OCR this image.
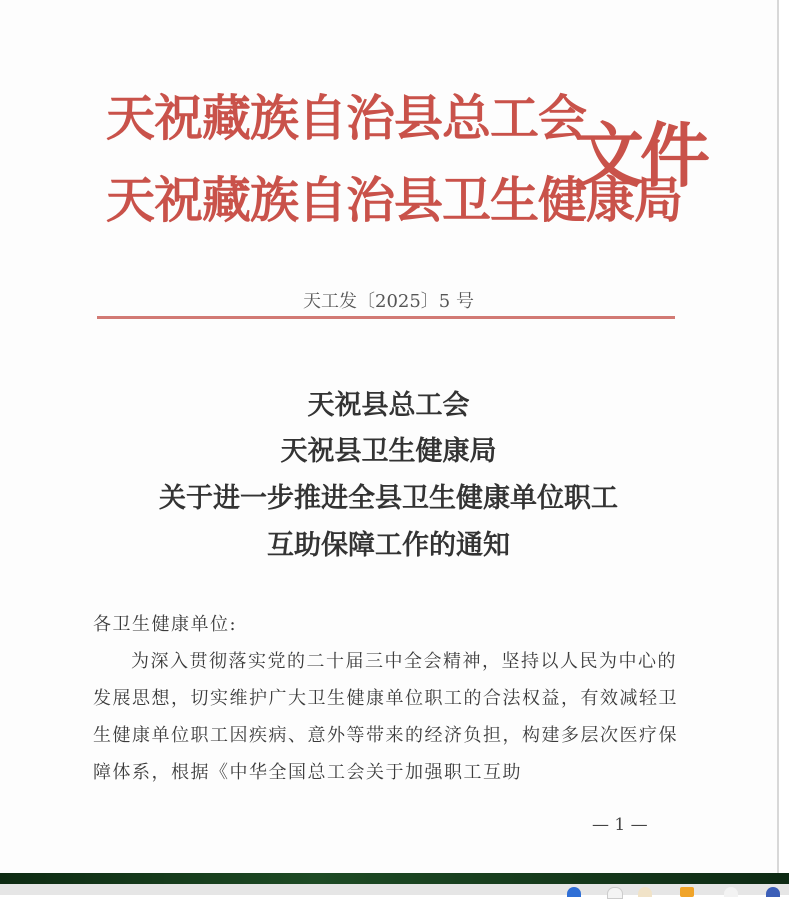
天祝藏族自治县总工会
天祝藏族自治县卫生健康局
文件
天工发〔2025〕5 号
天祝县总工会
天祝县卫生健康局
关于进一步推进全县卫生健康单位职工
互助保障工作的通知

各卫生健康单位:

为深入贯彻落实党的二十届三中全会精神，坚持以人民为中心的发展思想，切实维护广大卫生健康单位职工的合法权益，有效减轻卫生健康单位职工因疾病、意外等带来的经济负担，构建多层次医疗保障体系，根据《中华全国总工会关于加强职工互助

— 1 —
